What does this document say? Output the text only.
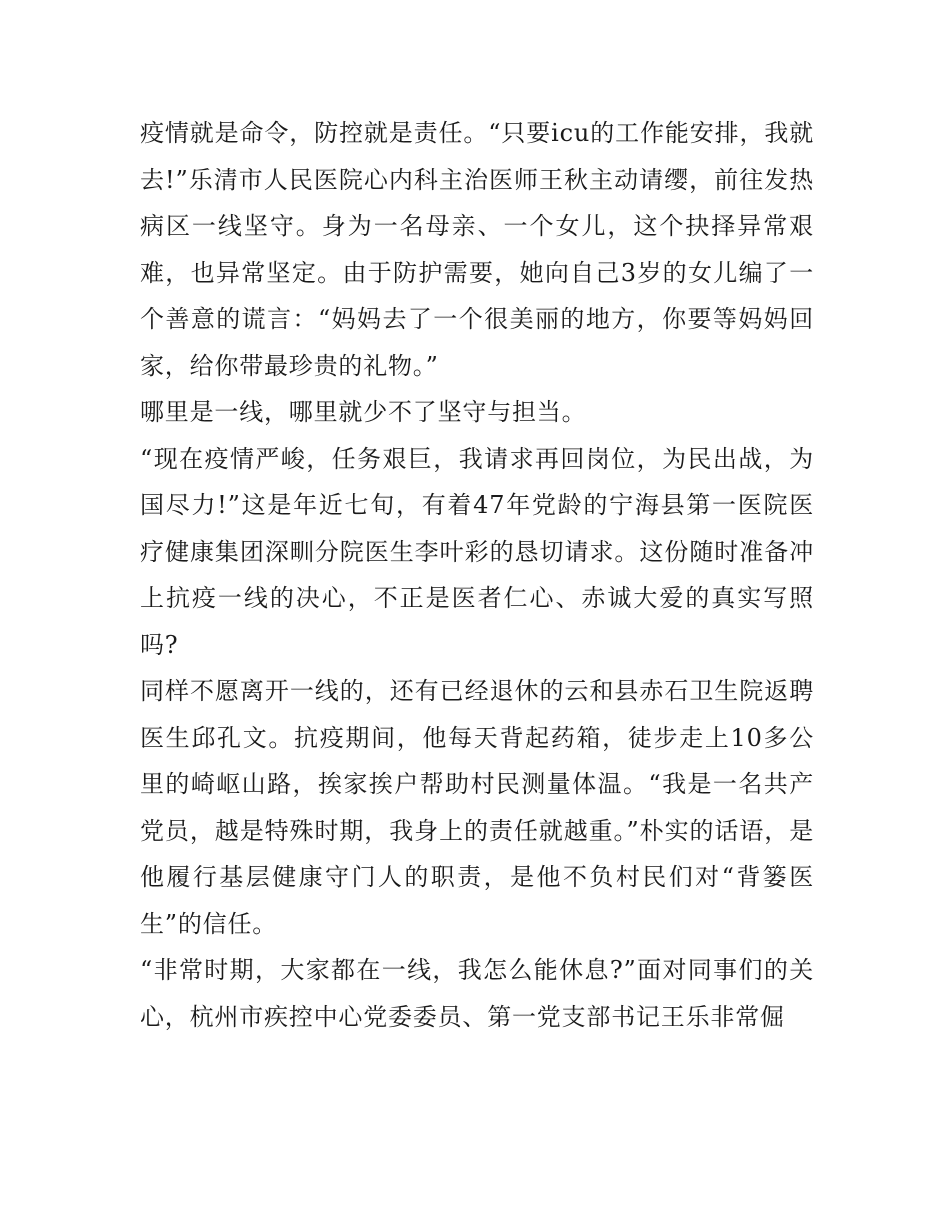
疫情就是命令，防控就是责任。“只要icu的工作能安排，我就去!”乐清市人民医院心内科主治医师王秋主动请缨，前往发热病区一线坚守。身为一名母亲、一个女儿，这个抉择异常艰难，也异常坚定。由于防护需要，她向自己3岁的女儿编了一个善意的谎言：“妈妈去了一个很美丽的地方，你要等妈妈回家，给你带最珍贵的礼物。”

哪里是一线，哪里就少不了坚守与担当。

“现在疫情严峻，任务艰巨，我请求再回岗位，为民出战，为国尽力!”这是年近七旬，有着47年党龄的宁海县第一医院医疗健康集团深甽分院医生李叶彩的恳切请求。这份随时准备冲上抗疫一线的决心，不正是医者仁心、赤诚大爱的真实写照吗?

同样不愿离开一线的，还有已经退休的云和县赤石卫生院返聘医生邱孔文。抗疫期间，他每天背起药箱，徒步走上10多公里的崎岖山路，挨家挨户帮助村民测量体温。“我是一名共产党员，越是特殊时期，我身上的责任就越重。”朴实的话语，是他履行基层健康守门人的职责，是他不负村民们对“背篓医生”的信任。

“非常时期，大家都在一线，我怎么能休息?”面对同事们的关心，杭州市疾控中心党委委员、第一党支部书记王乐非常倔
